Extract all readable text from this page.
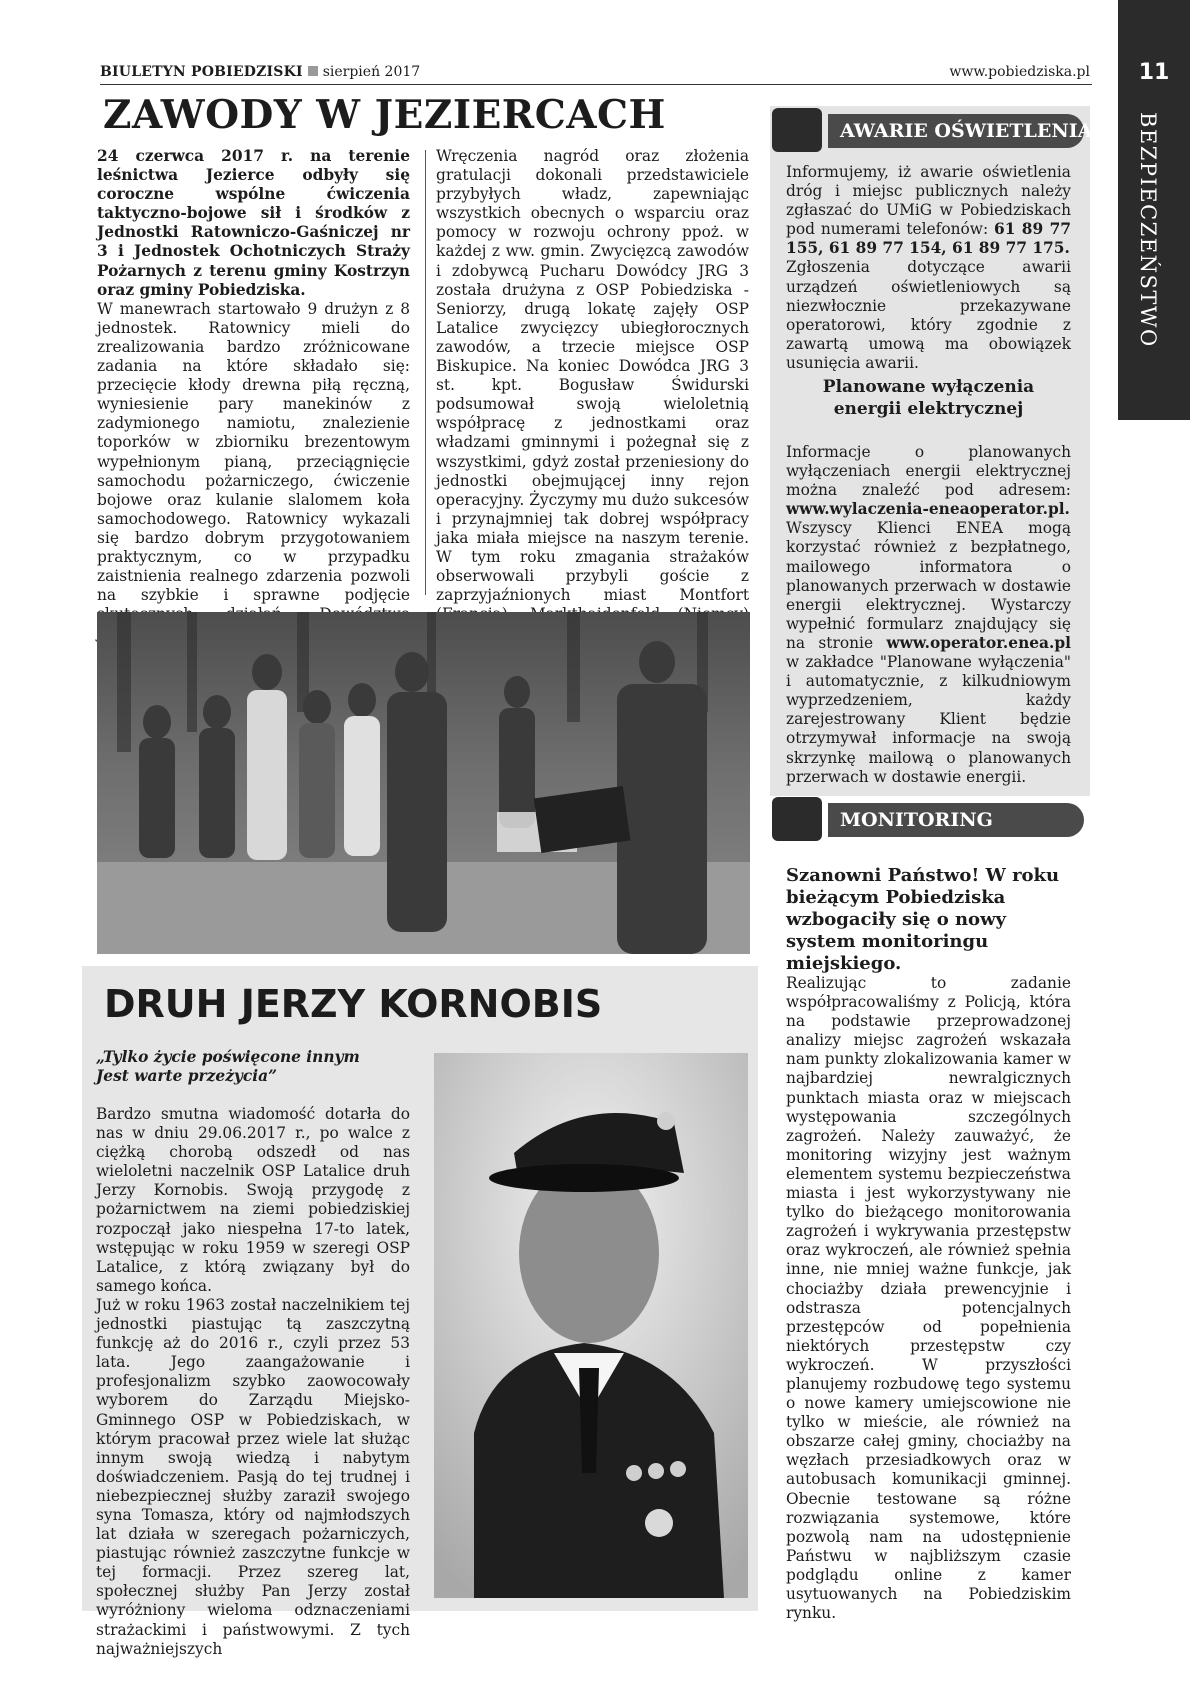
BIULETYN POBIEDZISKI sierpień 2017	www.pobiedziska.pl	11
BEZPIECZEŃSTWO
ZAWODY W JEZIERCACH

24 czerwca 2017 r. na terenie leśnictwa Jezierce odbyły się coroczne wspólne ćwiczenia taktyczno-bojowe sił i środków z Jednostki Ratowniczo-Gaśniczej nr 3 i Jednostek Ochotniczych Straży Pożarnych z terenu gminy Kostrzyn oraz gminy Pobiedziska.

W manewrach startowało 9 drużyn z 8 jednostek. Ratownicy mieli do zrealizowania bardzo zróżnicowane zadania na które składało się: przecięcie kłody drewna piłą ręczną, wyniesienie pary manekinów z zadymionego namiotu, znalezienie toporków w zbiorniku brezentowym wypełnionym pianą, przeciągnięcie samochodu pożarniczego, ćwiczenie bojowe oraz kulanie slalomem koła samochodowego. Ratownicy wykazali się bardzo dobrym przygotowaniem praktycznym, co w przypadku zaistnienia realnego zdarzenia pozwoli na szybkie i sprawne podjęcie

Wręczenia nagród oraz złożenia gratulacji dokonali przedstawiciele przybyłych władz, zapewniając wszystkich obecnych o wsparciu oraz pomocy w rozwoju ochrony ppoż. w każdej z ww. gmin. Zwycięzcą zawodów i zdobywcą Pucharu Dowódcy JRG 3 została drużyna z OSP Pobiedziska - Seniorzy, drugą lokatę zajęły OSP Latalice zwycięzcy ubiegłorocznych zawodów, a trzecie miejsce OSP Biskupice. Na koniec Dowódca JRG 3 st. kpt. Bogusław Świdurski podsumował swoją wieloletnią współpracę z jednostkami oraz władzami gminnymi i pożegnał się z wszystkimi, gdyż został przeniesiony do jednostki obejmującej inny rejon operacyjny. Życzymy mu dużo sukcesów i przynajmniej tak dobrej współpracy jaka miała miejsce na naszym terenie. W tym roku zmagania strażaków obserwowali przybyli goście z zaprzyjaźnionych miast Montfort

DRUH JERZY KORNOBIS
„Tylko życie poświęcone innym
Jest warte przeżycia”

Bardzo smutna wiadomość dotarła do nas w dniu 29.06.2017 r., po walce z ciężką chorobą odszedł od nas wieloletni naczelnik OSP Latalice druh Jerzy Kornobis. Swoją przygodę z pożarnictwem na ziemi pobiedziskiej rozpoczął jako niespełna 17-to latek, wstępując w roku 1959 w szeregi OSP Latalice, z którą związany był do samego końca.

Już w roku 1963 został naczelnikiem tej jednostki piastując tą zaszczytną funkcję aż do 2016 r., czyli przez 53 lata. Jego zaangażowanie i profesjonalizm szybko zaowocowały wyborem do Zarządu Miejsko-Gminnego OSP w Pobiedziskach, w którym pracował przez wiele lat służąc innym swoją wiedzą i nabytym doświadczeniem. Pasją do tej trudnej i niebezpiecznej służby zaraził swojego syna Tomasza, który od najmłodszych lat działa w szeregach pożarniczych, piastując również zaszczytne funkcje w tej formacji. Przez szereg lat, społecznej służby Pan Jerzy został wyróżniony wieloma odznaczeniami strażackimi i państwowymi. Z tych najważniejszych

AWARIE OŚWIETLENIA

Informujemy, iż awarie oświetlenia dróg i miejsc publicznych należy zgłaszać do UMiG w Pobiedziskach pod numerami telefonów: 61 89 77 155, 61 89 77 154, 61 89 77 175.
Zgłoszenia dotyczące awarii urządzeń oświetleniowych są niezwłocznie przekazywane operatorowi, który zgodnie z zawartą umową ma obowiązek usunięcia awarii.

Planowane wyłączenia energii elektrycznej

Informacje o planowanych wyłączeniach energii elektrycznej można znaleźć pod adresem: www.wylaczenia-eneaoperator.pl. Wszyscy Klienci ENEA mogą korzystać również z bezpłatnego, mailowego informatora o planowanych przerwach w dostawie energii elektrycznej. Wystarczy wypełnić formularz znajdujący się na stronie www.operator.enea.pl w zakładce "Planowane wyłączenia" i automatycznie, z kilkudniowym wyprzedzeniem, każdy zarejestrowany Klient będzie otrzymywał informacje na swoją skrzynkę mailową o planowanych przerwach w dostawie energii.

MONITORING
Szanowni Państwo! W roku bieżącym Pobiedziska wzbogaciły się o nowy system monitoringu miejskiego.

Realizując to zadanie współpracowaliśmy z Policją, która na podstawie przeprowadzonej analizy miejsc zagrożeń wskazała nam punkty zlokalizowania kamer w najbardziej newralgicznych punktach miasta oraz w miejscach występowania szczególnych zagrożeń. Należy zauważyć, że monitoring wizyjny jest ważnym elementem systemu bezpieczeństwa miasta i jest wykorzystywany nie tylko do bieżącego monitorowania zagrożeń i wykrywania przestępstw oraz wykroczeń, ale również spełnia inne, nie mniej ważne funkcje, jak chociażby działa prewencyjnie i odstrasza potencjalnych przestępców od popełnienia niektórych przestępstw czy wykroczeń. W przyszłości planujemy rozbudowę tego systemu o nowe kamery umiejscowione nie tylko w mieście, ale również na obszarze całej gminy, chociażby na węzłach przesiadkowych oraz w autobusach komunikacji gminnej. Obecnie testowane są różne rozwiązania systemowe, które pozwolą nam na udostępnienie Państwu w najbliższym czasie podglądu online z kamer usytuowanych na Pobiedziskim rynku.
